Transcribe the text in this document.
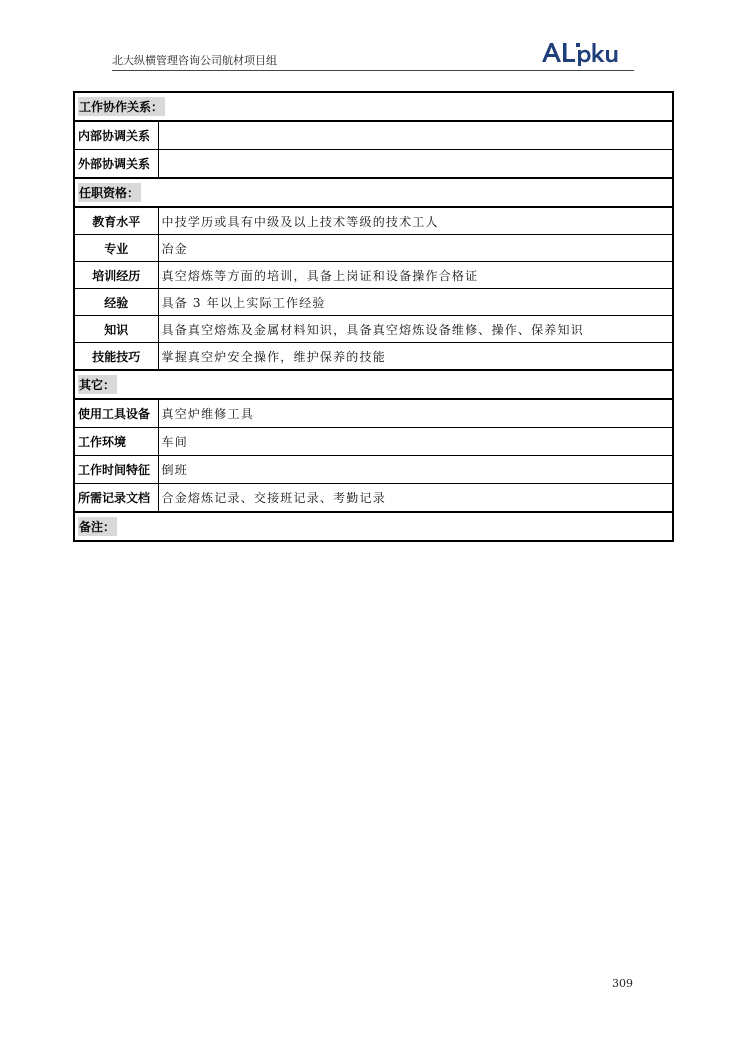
北大纵横管理咨询公司航材项目组
工作协作关系：	
内部协调关系	
外部协调关系	
任职资格：	
教育水平	中技学历或具有中级及以上技术等级的技术工人
专业	冶金
培训经历	真空熔炼等方面的培训，具备上岗证和设备操作合格证
经验	具备 3 年以上实际工作经验
知识	具备真空熔炼及金属材料知识，具备真空熔炼设备维修、操作、保养知识
技能技巧	掌握真空炉安全操作，维护保养的技能
其它：	
使用工具设备	真空炉维修工具
工作环境	车间
工作时间特征	倒班
所需记录文档	合金熔炼记录、交接班记录、考勤记录
备注：	
309
